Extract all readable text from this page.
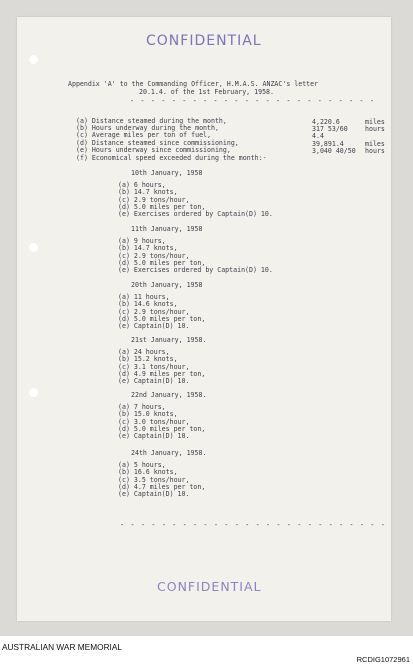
CONFIDENTIAL
Appendix 'A' to the Commanding Officer, H.M.A.S. ANZAC's letter
20.1.4. of the 1st February, 1958.
- - - - - - - - - - - - - - - - - - - - - - - -
(a) Distance steamed during the month,	4,220.6	miles
(b) Hours underway during the month,	317 53/60	hours
(c) Average miles per ton of fuel,	4.4
(d) Distance steamed since commissioning,	39,891.4	miles
(e) Hours underway since commissioning,	3,040 40/50 hours
(f) Economical speed exceeded during the month:-
10th January, 1958
(a) 6 hours,
(b) 14.7 knots,
(c) 2.9 tons/hour,
(d) 5.0 miles per ton,
(e) Exercises ordered by Captain(D) 10.
11th January, 1958
(a) 9 hours,
(b) 14.7 knots,
(c) 2.9 tons/hour,
(d) 5.0 miles per ton,
(e) Exercises ordered by Captain(D) 10.
20th January, 1958
(a) 11 hours,
(b) 14.6 knots,
(c) 2.9 tons/hour,
(d) 5.0 miles per ton,
(e) Captain(D) 10.
21st January, 1958.
(a) 24 hours,
(b) 15.2 knots,
(c) 3.1 tons/hour,
(d) 4.9 miles per ton,
(e) Captain(D) 10.
22nd January, 1958.
(a) 7 hours,
(b) 15.0 knots,
(c) 3.0 tons/hour,
(d) 5.0 miles per ton,
(e) Captain(D) 10.
24th January, 1958.
(a) 5 hours,
(b) 16.6 knots,
(c) 3.5 tons/hour,
(d) 4.7 miles per ton,
(e) Captain(D) 10.
- - - - - - - - - - - - - - - - - - - - - - - - - -
CONFIDENTIAL
AUSTRALIAN WAR MEMORIAL
RCDIG1072961
